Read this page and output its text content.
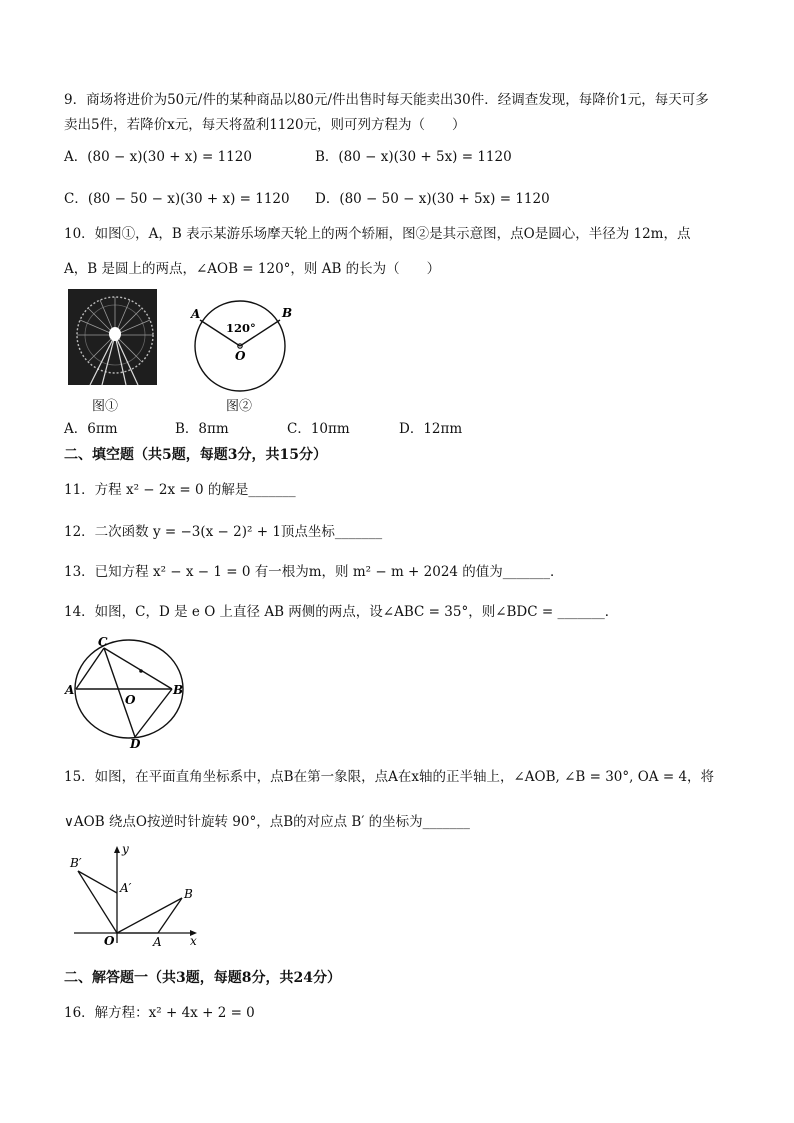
9．商场将进价为50元/件的某种商品以80元/件出售时每天能卖出30件．经调查发现，每降价1元，每天可多
卖出5件，若降价x元，每天将盈利1120元，则可列方程为（　　）
A．(80 − x)(30 + x) = 1120	B．(80 − x)(30 + 5x) = 1120
C．(80 − 50 − x)(30 + x) = 1120 D．(80 − 50 − x)(30 + 5x) = 1120
10．如图①，A，B 表示某游乐场摩天轮上的两个轿厢，图②是其示意图，点O是圆心，半径为 12m，点
A，B 是圆上的两点，∠AOB = 120°，则 AB 的长为（　　）
A	B
120°
O
图①	图②
A．6πm	B．8πm	C．10πm	D．12πm
二、填空题（共5题，每题3分，共15分）
11．方程 x² − 2x = 0 的解是_______
12．二次函数 y = −3(x − 2)² + 1顶点坐标_______
13．已知方程 x² − x − 1 = 0 有一根为m，则 m² − m + 2024 的值为_______．
14．如图，C，D 是 e O 上直径 AB 两侧的两点，设∠ABC = 35°，则∠BDC = _______．
C
A	B
O
D
15．如图，在平面直角坐标系中，点B在第一象限，点A在x轴的正半轴上，∠AOB, ∠B = 30°, OA = 4，将
∨AOB 绕点O按逆时针旋转 90°，点B的对应点 B′ 的坐标为_______
B′
A′	B
A
O	x
y
二、解答题一（共3题，每题8分，共24分）
16．解方程：x² + 4x + 2 = 0
